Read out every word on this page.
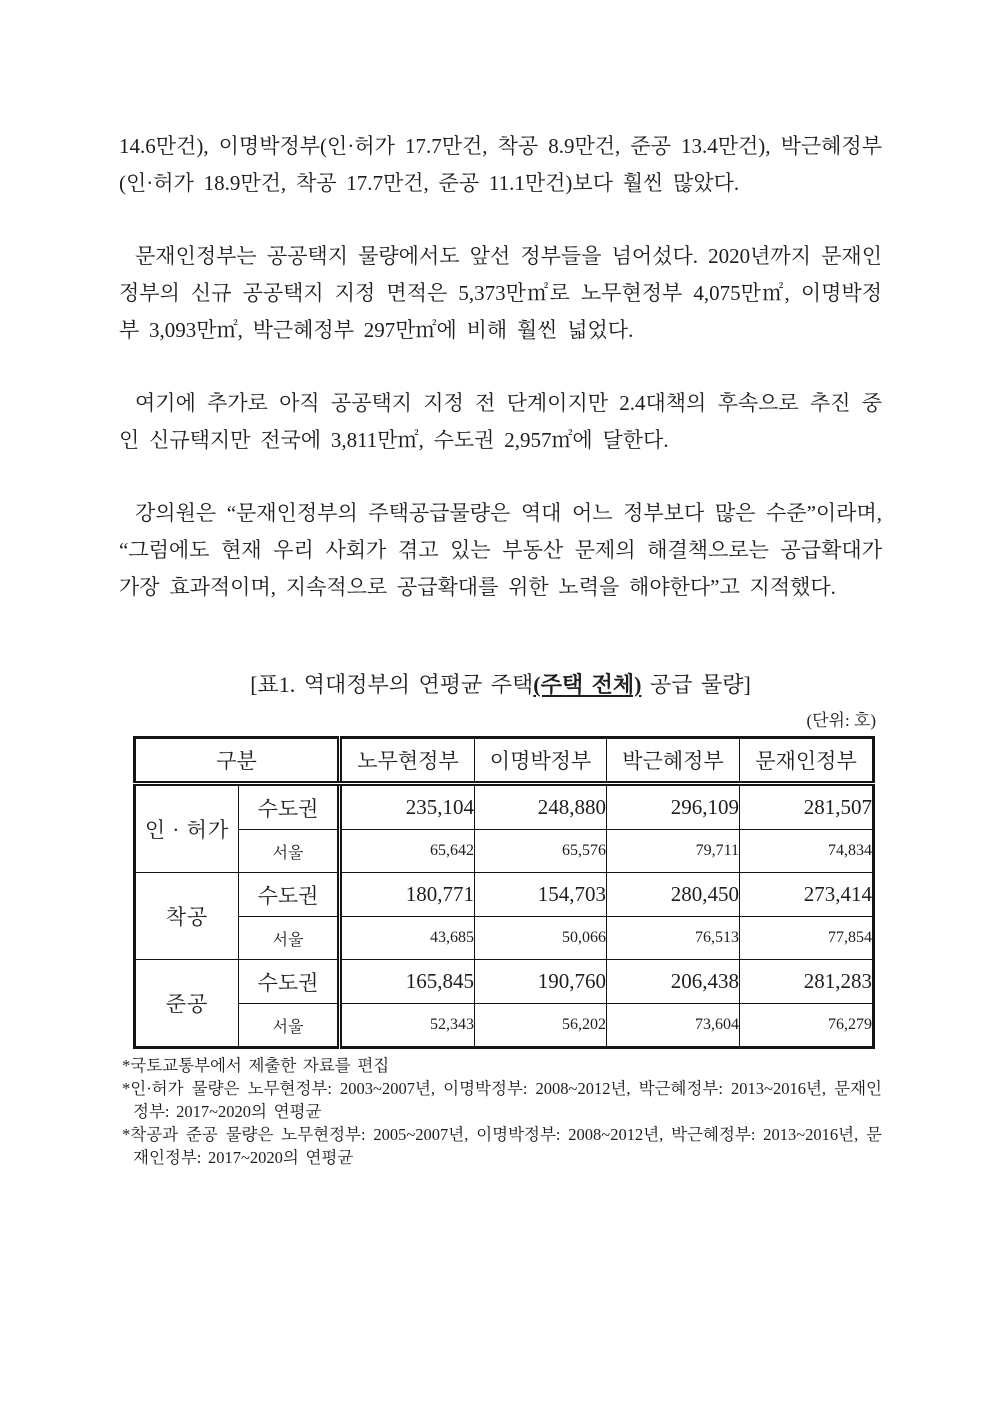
14.6만건), 이명박정부(인·허가 17.7만건, 착공 8.9만건, 준공 13.4만건), 박근혜정부(인·허가 18.9만건, 착공 17.7만건, 준공 11.1만건)보다 훨씬 많았다.

문재인정부는 공공택지 물량에서도 앞선 정부들을 넘어섰다. 2020년까지 문재인정부의 신규 공공택지 지정 면적은 5,373만㎡로 노무현정부 4,075만㎡, 이명박정부 3,093만㎡, 박근혜정부 297만㎡에 비해 훨씬 넓었다.

여기에 추가로 아직 공공택지 지정 전 단계이지만 2.4대책의 후속으로 추진 중인 신규택지만 전국에 3,811만㎡, 수도권 2,957㎡에 달한다.

강의원은 “문재인정부의 주택공급물량은 역대 어느 정부보다 많은 수준”이라며, “그럼에도 현재 우리 사회가 겪고 있는 부동산 문제의 해결책으로는 공급확대가 가장 효과적이며, 지속적으로 공급확대를 위한 노력을 해야한다”고 지적했다.

[표1. 역대정부의 연평균 주택(주택 전체) 공급 물량]
(단위: 호)
구분		노무현정부	이명박정부	박근혜정부	문재인정부
인 · 허가	수도권	235,104	248,880	296,109	281,507
	서울	65,642	65,576	79,711	74,834
착공	수도권	180,771	154,703	280,450	273,414
	서울	43,685	50,066	76,513	77,854
준공	수도권	165,845	190,760	206,438	281,283
	서울	52,343	56,202	73,604	76,279
*국토교통부에서 제출한 자료를 편집
*인·허가 물량은 노무현정부: 2003~2007년, 이명박정부: 2008~2012년, 박근혜정부: 2013~2016년, 문재인정부: 2017~2020의 연평균
*착공과 준공 물량은 노무현정부: 2005~2007년, 이명박정부: 2008~2012년, 박근혜정부: 2013~2016년, 문재인정부: 2017~2020의 연평균
